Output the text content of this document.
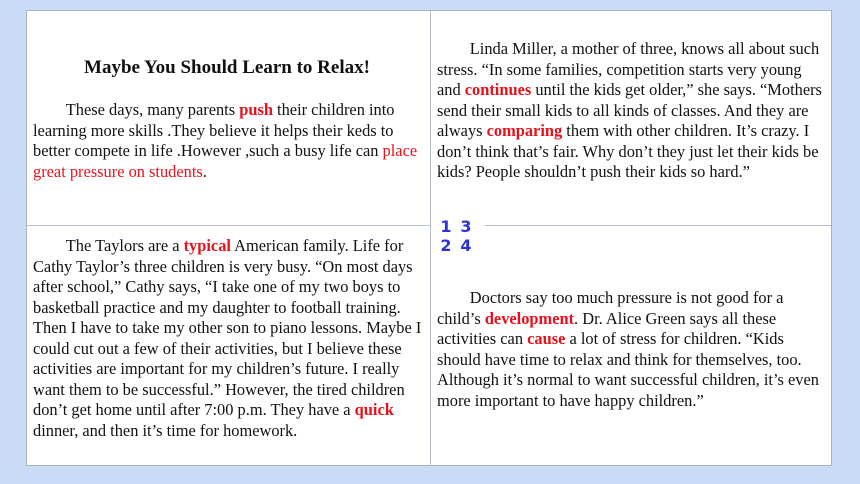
Maybe You Should Learn to Relax!

These days, many parents push their children into learning more skills .They believe it helps their keds to better compete in life .However ,such a busy life can place great pressure on students.

Linda Miller, a mother of three, knows all about such stress. “In some families, competition starts very young and continues until the kids get older,” she says. “Mothers send their small kids to all kinds of classes. And they are always comparing them with other children. It’s crazy. I don’t think that’s fair. Why don’t they just let their kids be kids? People shouldn’t push their kids so hard.”

The Taylors are a typical American family. Life for Cathy Taylor’s three children is very busy. “On most days after school,” Cathy says, “I take one of my two boys to basketball practice and my daughter to football training. Then I have to take my other son to piano lessons. Maybe I could cut out a few of their activities, but I believe these activities are important for my children’s future. I really want them to be successful.” However, the tired children don’t get home until after 7:00 p.m. They have a quick dinner, and then it’s time for homework.

Doctors say too much pressure is not good for a child’s development. Dr. Alice Green says all these activities can cause a lot of stress for children. “Kids should have time to relax and think for themselves, too. Although it’s normal to want successful children, it’s even more important to have happy children.”

1 3
2 4
